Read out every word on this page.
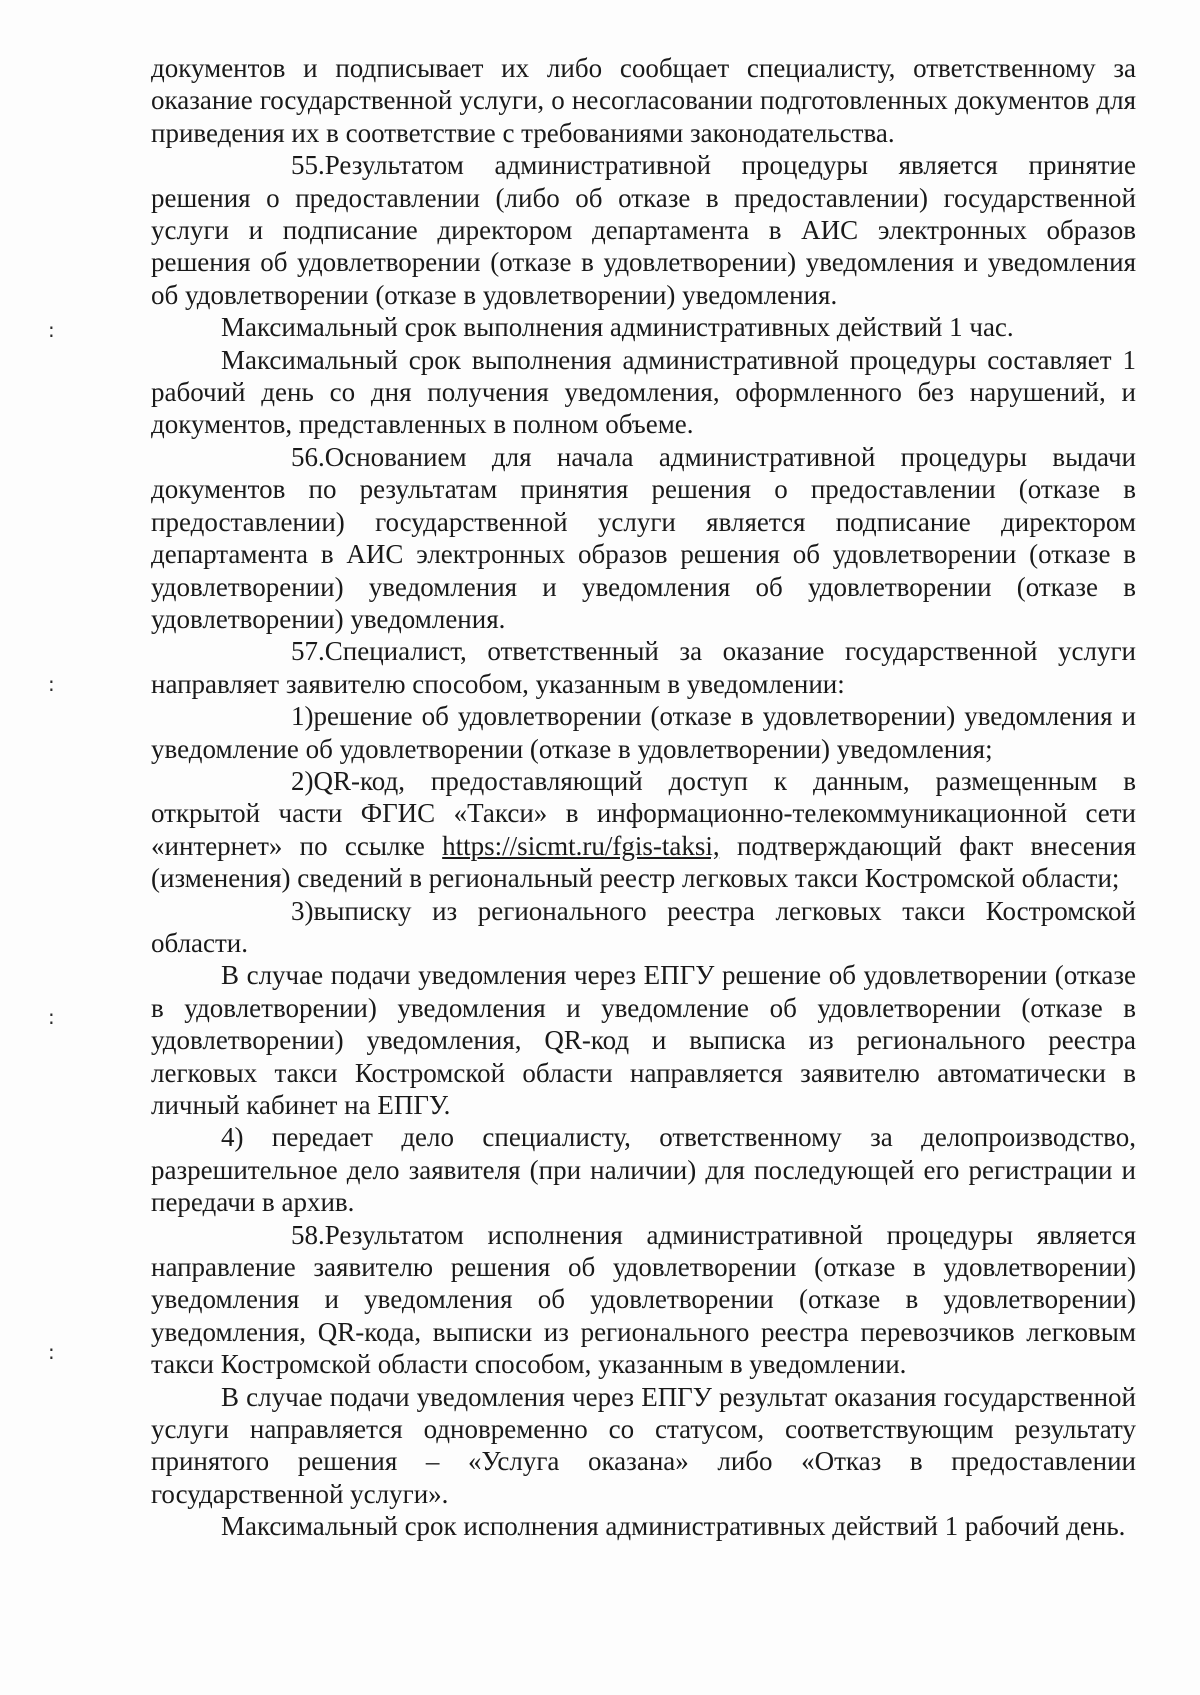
:
:
:
:

документов и подписывает их либо сообщает специалисту, ответственному за оказание государственной услуги, о несогласовании подготовленных документов для приведения их в соответствие с требованиями законодательства.

55.Результатом административной процедуры является принятие решения о предоставлении (либо об отказе в предоставлении) государственной услуги и подписание директором департамента в АИС электронных образов решения об удовлетворении (отказе в удовлетворении) уведомления и уведомления об удовлетворении (отказе в удовлетворении) уведомления.

Максимальный срок выполнения административных действий 1 час.

Максимальный срок выполнения административной процедуры составляет 1 рабочий день со дня получения уведомления, оформленного без нарушений, и документов, представленных в полном объеме.

56.Основанием для начала административной процедуры выдачи документов по результатам принятия решения о предоставлении (отказе в предоставлении) государственной услуги является подписание директором департамента в АИС электронных образов решения об удовлетворении (отказе в удовлетворении) уведомления и уведомления об удовлетворении (отказе в удовлетворении) уведомления.

57.Специалист, ответственный за оказание государственной услуги направляет заявителю способом, указанным в уведомлении:

1)решение об удовлетворении (отказе в удовлетворении) уведомления и уведомление об удовлетворении (отказе в удовлетворении) уведомления;

2)QR-код, предоставляющий доступ к данным, размещенным в открытой части ФГИС «Такси» в информационно-телекоммуникационной сети «интернет» по ссылке https://sicmt.ru/fgis-taksi, подтверждающий факт внесения (изменения) сведений в региональный реестр легковых такси Костромской области;

3)выписку из регионального реестра легковых такси Костромской области.

В случае подачи уведомления через ЕПГУ решение об удовлетворении (отказе в удовлетворении) уведомления и уведомление об удовлетворении (отказе в удовлетворении) уведомления, QR-код и выписка из регионального реестра легковых такси Костромской области направляется заявителю автоматически в личный кабинет на ЕПГУ.

4) передает дело специалисту, ответственному за делопроизводство, разрешительное дело заявителя (при наличии) для последующей его регистрации и передачи в архив.

58.Результатом исполнения административной процедуры является направление заявителю решения об удовлетворении (отказе в удовлетворении) уведомления и уведомления об удовлетворении (отказе в удовлетворении) уведомления, QR-кода, выписки из регионального реестра перевозчиков легковым такси Костромской области способом, указанным в уведомлении.

В случае подачи уведомления через ЕПГУ результат оказания государственной услуги направляется одновременно со статусом, соответствующим результату принятого решения – «Услуга оказана» либо «Отказ в предоставлении государственной услуги».

Максимальный срок исполнения административных действий 1 рабочий день.
